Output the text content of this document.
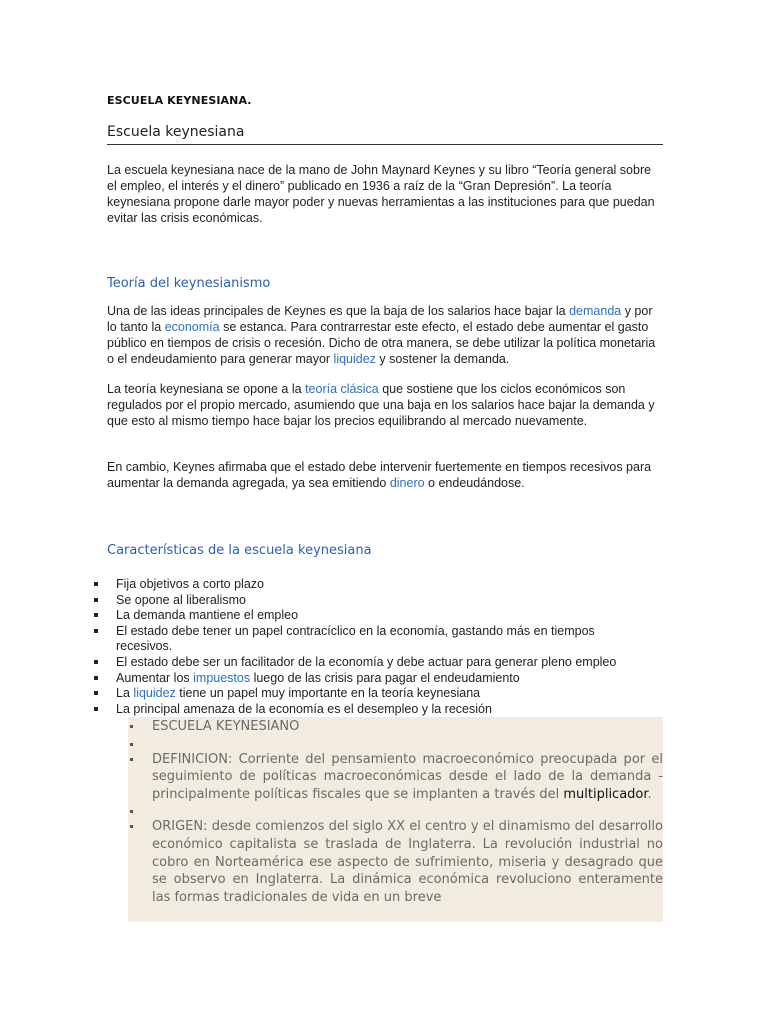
ESCUELA KEYNESIANA.
Escuela keynesiana
La escuela keynesiana nace de la mano de John Maynard Keynes y su libro “Teoría general sobre el empleo, el interés y el dinero” publicado en 1936 a raíz de la “Gran Depresión”. La teoría keynesiana propone darle mayor poder y nuevas herramientas a las instituciones para que puedan evitar las crisis económicas.
Teoría del keynesianismo
Una de las ideas principales de Keynes es que la baja de los salarios hace bajar la demanda y por lo tanto la economía se estanca. Para contrarrestar este efecto, el estado debe aumentar el gasto público en tiempos de crisis o recesión. Dicho de otra manera, se debe utilizar la política monetaria o el endeudamiento para generar mayor liquidez y sostener la demanda.
La teoría keynesiana se opone a la teoría clásica que sostiene que los ciclos económicos son regulados por el propio mercado, asumiendo que una baja en los salarios hace bajar la demanda y que esto al mismo tiempo hace bajar los precios equilibrando al mercado nuevamente.
En cambio, Keynes afirmaba que el estado debe intervenir fuertemente en tiempos recesivos para aumentar la demanda agregada, ya sea emitiendo dinero o endeudándose.
Características de la escuela keynesiana
Fija objetivos a corto plazo
Se opone al liberalismo
La demanda mantiene el empleo
El estado debe tener un papel contracíclico en la economía, gastando más en tiempos recesivos.
El estado debe ser un facilitador de la economía y debe actuar para generar pleno empleo
Aumentar los impuestos luego de las crisis para pagar el endeudamiento
La liquidez tiene un papel muy importante en la teoría keynesiana
La principal amenaza de la economía es el desempleo y la recesión
ESCUELA KEYNESIANO
DEFINICION: Corriente del pensamiento macroeconómico preocupada por el seguimiento de políticas macroeconómicas desde el lado de la demanda -principalmente políticas fiscales que se implanten a través del multiplicador.
ORIGEN: desde comienzos del siglo XX el centro y el dinamismo del desarrollo económico capitalista se traslada de Inglaterra. La revolución industrial no cobro en Norteamérica ese aspecto de sufrimiento, miseria y desagrado que se observo en Inglaterra. La dinámica económica revoluciono enteramente las formas tradicionales de vida en un breve
